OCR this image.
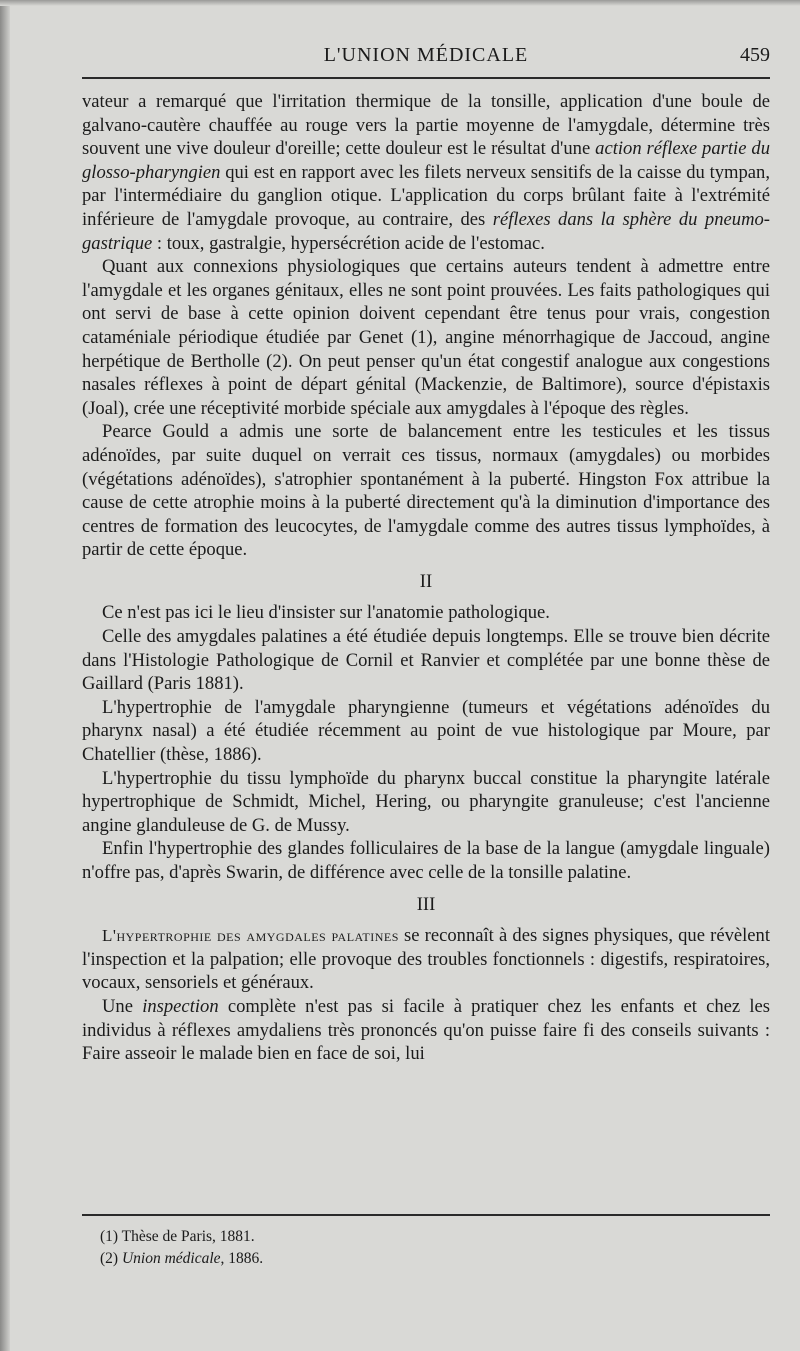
L'UNION MÉDICALE	459

vateur a remarqué que l'irritation thermique de la tonsille, application d'une boule de galvano-cautère chauffée au rouge vers la partie moyenne de l'amygdale, détermine très souvent une vive douleur d'oreille; cette douleur est le résultat d'une action réflexe partie du glosso-pharyngien qui est en rapport avec les filets nerveux sensitifs de la caisse du tympan, par l'intermédiaire du ganglion otique. L'application du corps brûlant faite à l'extrémité inférieure de l'amygdale provoque, au contraire, des réflexes dans la sphère du pneumo-gastrique : toux, gastralgie, hypersécrétion acide de l'estomac.

Quant aux connexions physiologiques que certains auteurs tendent à admettre entre l'amygdale et les organes génitaux, elles ne sont point prouvées. Les faits pathologiques qui ont servi de base à cette opinion doivent cependant être tenus pour vrais, congestion cataméniale périodique étudiée par Genet (1), angine ménorrhagique de Jaccoud, angine herpétique de Bertholle (2). On peut penser qu'un état congestif analogue aux congestions nasales réflexes à point de départ génital (Mackenzie, de Baltimore), source d'épistaxis (Joal), crée une réceptivité morbide spéciale aux amygdales à l'époque des règles.

Pearce Gould a admis une sorte de balancement entre les testicules et les tissus adénoïdes, par suite duquel on verrait ces tissus, normaux (amygdales) ou morbides (végétations adénoïdes), s'atrophier spontanément à la puberté. Hingston Fox attribue la cause de cette atrophie moins à la puberté directement qu'à la diminution d'importance des centres de formation des leucocytes, de l'amygdale comme des autres tissus lymphoïdes, à partir de cette époque.

II

Ce n'est pas ici le lieu d'insister sur l'anatomie pathologique.

Celle des amygdales palatines a été étudiée depuis longtemps. Elle se trouve bien décrite dans l'Histologie Pathologique de Cornil et Ranvier et complétée par une bonne thèse de Gaillard (Paris 1881).

L'hypertrophie de l'amygdale pharyngienne (tumeurs et végétations adénoïdes du pharynx nasal) a été étudiée récemment au point de vue histologique par Moure, par Chatellier (thèse, 1886).

L'hypertrophie du tissu lymphoïde du pharynx buccal constitue la pharyngite latérale hypertrophique de Schmidt, Michel, Hering, ou pharyngite granuleuse; c'est l'ancienne angine glanduleuse de G. de Mussy.

Enfin l'hypertrophie des glandes folliculaires de la base de la langue (amygdale linguale) n'offre pas, d'après Swarin, de différence avec celle de la tonsille palatine.

III

L'hypertrophie des amygdales palatines se reconnaît à des signes physiques, que révèlent l'inspection et la palpation; elle provoque des troubles fonctionnels : digestifs, respiratoires, vocaux, sensoriels et généraux.

Une inspection complète n'est pas si facile à pratiquer chez les enfants et chez les individus à réflexes amydaliens très prononcés qu'on puisse faire fi des conseils suivants : Faire asseoir le malade bien en face de soi, lui

(1) Thèse de Paris, 1881.
(2) Union médicale, 1886.
